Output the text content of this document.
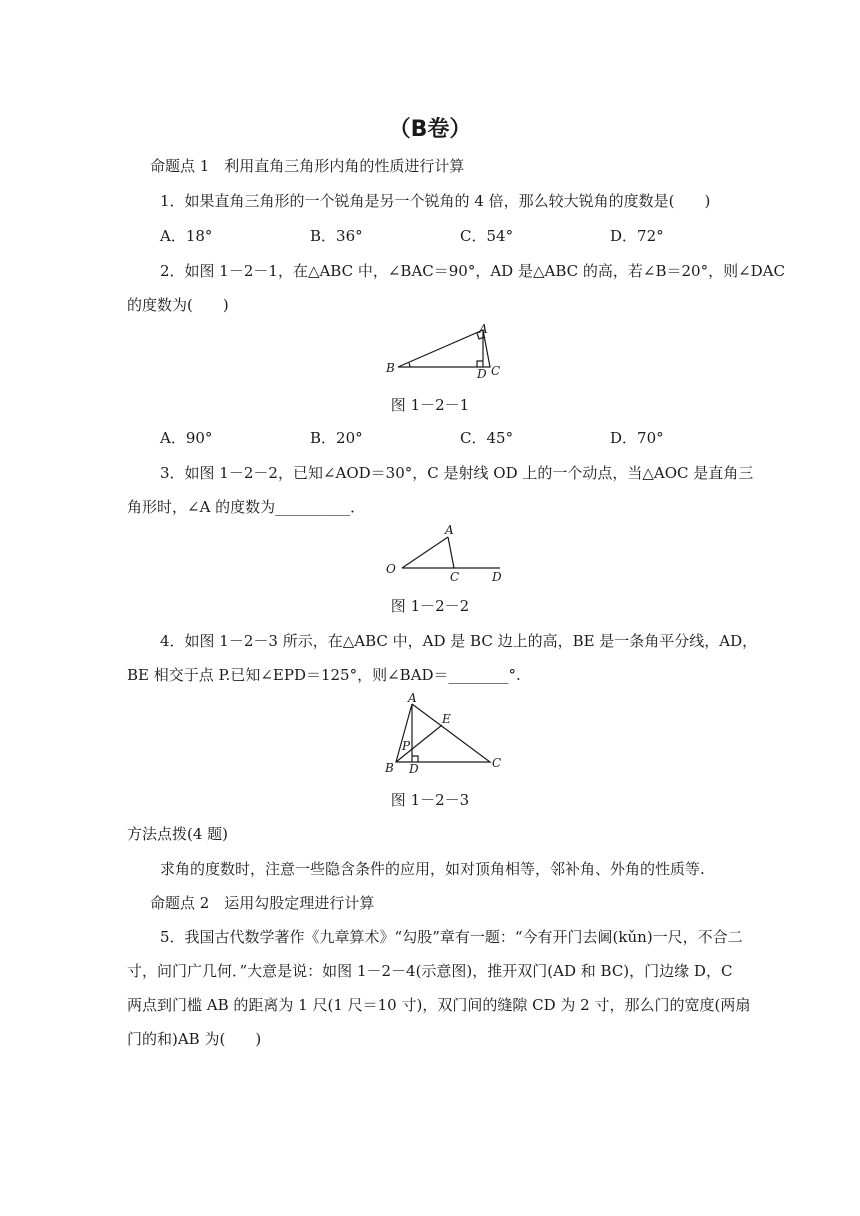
（B卷）
命题点 1　利用直角三角形内角的性质进行计算
1．如果直角三角形的一个锐角是另一个锐角的 4 倍，那么较大锐角的度数是(　　)
A．18°	B．36°	C．54°	D．72°
2．如图 1－2－1，在△ABC 中，∠BAC＝90°，AD 是△ABC 的高，若∠B＝20°，则∠DAC
的度数为(　　)
A
B	D C
图 1－2－1
A．90°	B．20°	C．45°	D．70°
3．如图 1－2－2，已知∠AOD＝30°，C 是射线 OD 上的一个动点，当△AOC 是直角三
角形时，∠A 的度数为__________．
O
A
C	D
图 1－2－2
4．如图 1－2－3 所示，在△ABC 中，AD 是 BC 边上的高，BE 是一条角平分线，AD，
BE 相交于点 P.已知∠EPD＝125°，则∠BAD＝________°.
A
E
P
B D	C
图 1－2－3
方法点拨(4 题)
求角的度数时，注意一些隐含条件的应用，如对顶角相等，邻补角、外角的性质等.
命题点 2　运用勾股定理进行计算
5．我国古代数学著作《九章算术》“勾股”章有一题：“今有开门去阃(kǔn)一尺，不合二
寸，问门广几何．”大意是说：如图 1－2－4(示意图)，推开双门(AD 和 BC)，门边缘 D，C
两点到门槛 AB 的距离为 1 尺(1 尺＝10 寸)，双门间的缝隙 CD 为 2 寸，那么门的宽度(两扇
门的和)AB 为(　　)
